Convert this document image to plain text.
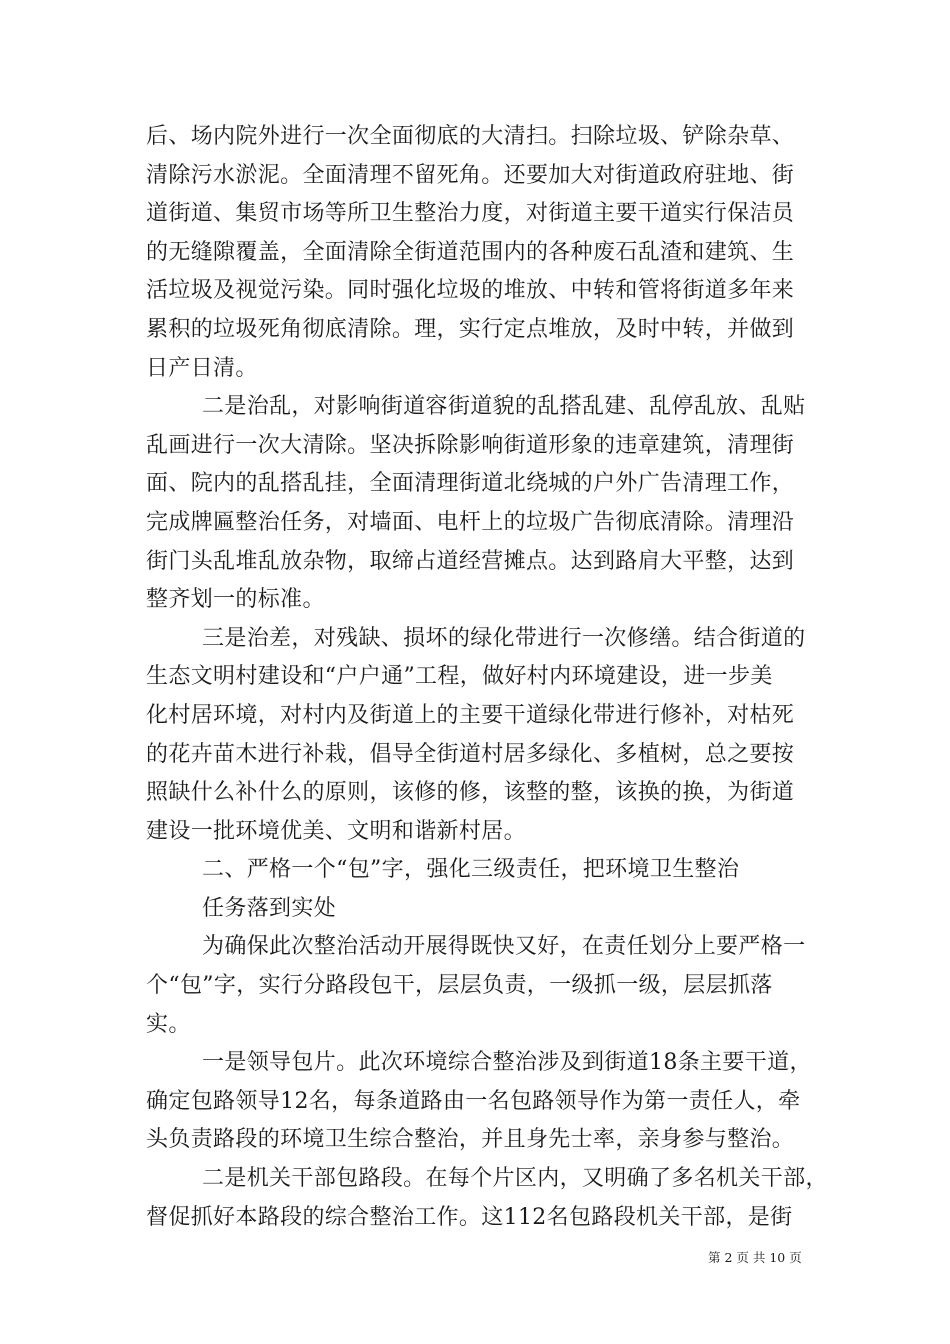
后、场内院外进行一次全面彻底的大清扫。扫除垃圾、铲除杂草、
清除污水淤泥。全面清理不留死角。还要加大对街道政府驻地、街
道街道、集贸市场等所卫生整治力度，对街道主要干道实行保洁员
的无缝隙覆盖，全面清除全街道范围内的各种废石乱渣和建筑、生
活垃圾及视觉污染。同时强化垃圾的堆放、中转和管将街道多年来
累积的垃圾死角彻底清除。理，实行定点堆放，及时中转，并做到
日产日清。
二是治乱，对影响街道容街道貌的乱搭乱建、乱停乱放、乱贴
乱画进行一次大清除。坚决拆除影响街道形象的违章建筑，清理街
面、院内的乱搭乱挂，全面清理街道北绕城的户外广告清理工作，
完成牌匾整治任务，对墙面、电杆上的垃圾广告彻底清除。清理沿
街门头乱堆乱放杂物，取缔占道经营摊点。达到路肩大平整，达到
整齐划一的标准。
三是治差，对残缺、损坏的绿化带进行一次修缮。结合街道的
生态文明村建设和“户户通”工程，做好村内环境建设，进一步美
化村居环境，对村内及街道上的主要干道绿化带进行修补，对枯死
的花卉苗木进行补栽，倡导全街道村居多绿化、多植树，总之要按
照缺什么补什么的原则，该修的修，该整的整，该换的换，为街道
建设一批环境优美、文明和谐新村居。
二、严格一个“包”字，强化三级责任，把环境卫生整治
任务落到实处
为确保此次整治活动开展得既快又好，在责任划分上要严格一
个“包”字，实行分路段包干，层层负责，一级抓一级，层层抓落
实。
一是领导包片。此次环境综合整治涉及到街道18条主要干道，
确定包路领导12名，每条道路由一名包路领导作为第一责任人，牵
头负责路段的环境卫生综合整治，并且身先士率，亲身参与整治。
二是机关干部包路段。在每个片区内，又明确了多名机关干部，
督促抓好本路段的综合整治工作。这112名包路段机关干部，是街
第 2 页 共 10 页
